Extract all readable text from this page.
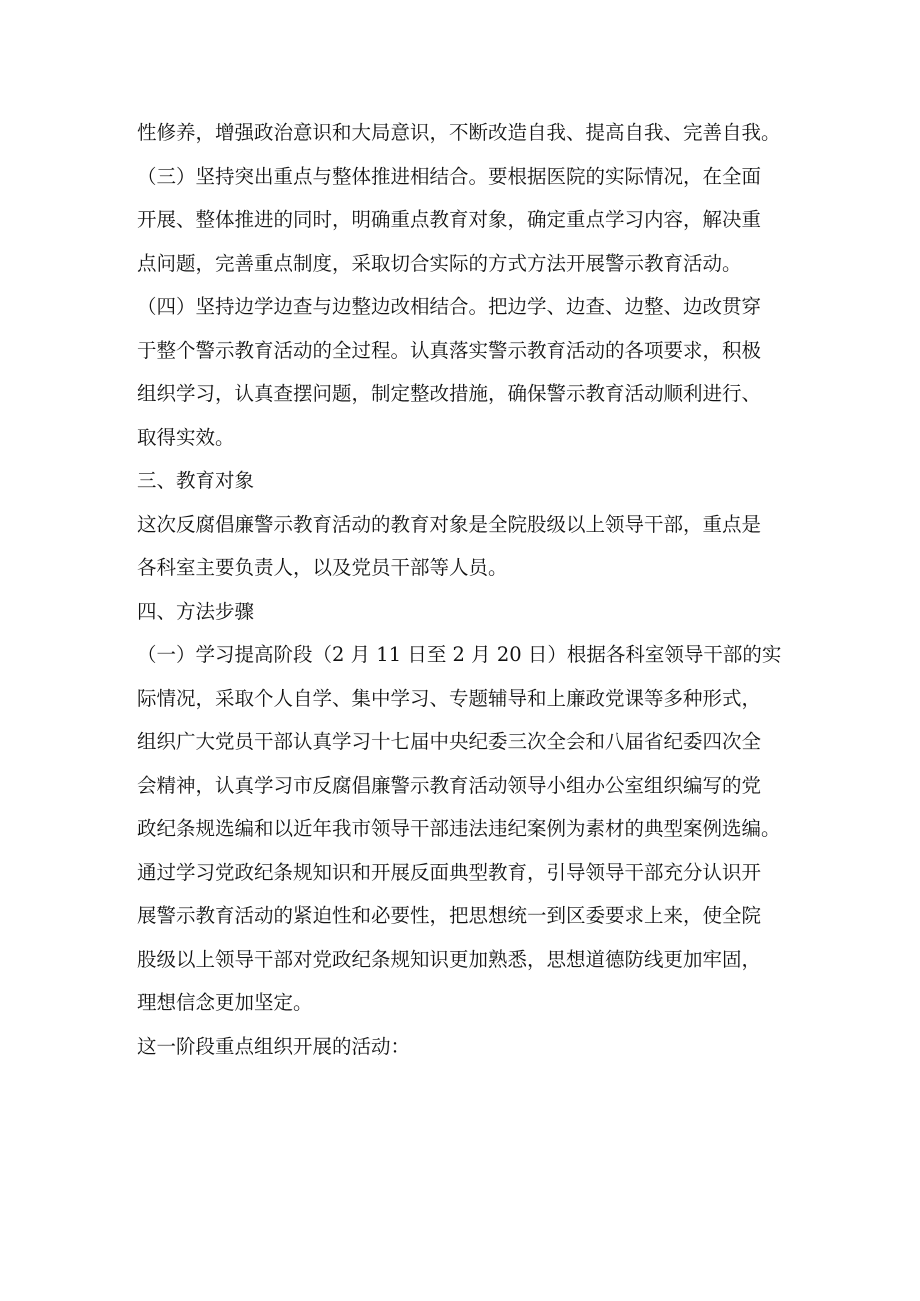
性修养，增强政治意识和大局意识，不断改造自我、提高自我、完善自我。
（三）坚持突出重点与整体推进相结合。要根据医院的实际情况，在全面
开展、整体推进的同时，明确重点教育对象，确定重点学习内容，解决重
点问题，完善重点制度，采取切合实际的方式方法开展警示教育活动。
（四）坚持边学边查与边整边改相结合。把边学、边查、边整、边改贯穿
于整个警示教育活动的全过程。认真落实警示教育活动的各项要求，积极
组织学习，认真查摆问题，制定整改措施，确保警示教育活动顺利进行、
取得实效。
三、教育对象
这次反腐倡廉警示教育活动的教育对象是全院股级以上领导干部，重点是
各科室主要负责人，以及党员干部等人员。
四、方法步骤
（一）学习提高阶段（2 月 11 日至 2 月 20 日）根据各科室领导干部的实
际情况，采取个人自学、集中学习、专题辅导和上廉政党课等多种形式，
组织广大党员干部认真学习十七届中央纪委三次全会和八届省纪委四次全
会精神，认真学习市反腐倡廉警示教育活动领导小组办公室组织编写的党
政纪条规选编和以近年我市领导干部违法违纪案例为素材的典型案例选编。
通过学习党政纪条规知识和开展反面典型教育，引导领导干部充分认识开
展警示教育活动的紧迫性和必要性，把思想统一到区委要求上来，使全院
股级以上领导干部对党政纪条规知识更加熟悉，思想道德防线更加牢固，
理想信念更加坚定。
这一阶段重点组织开展的活动：
